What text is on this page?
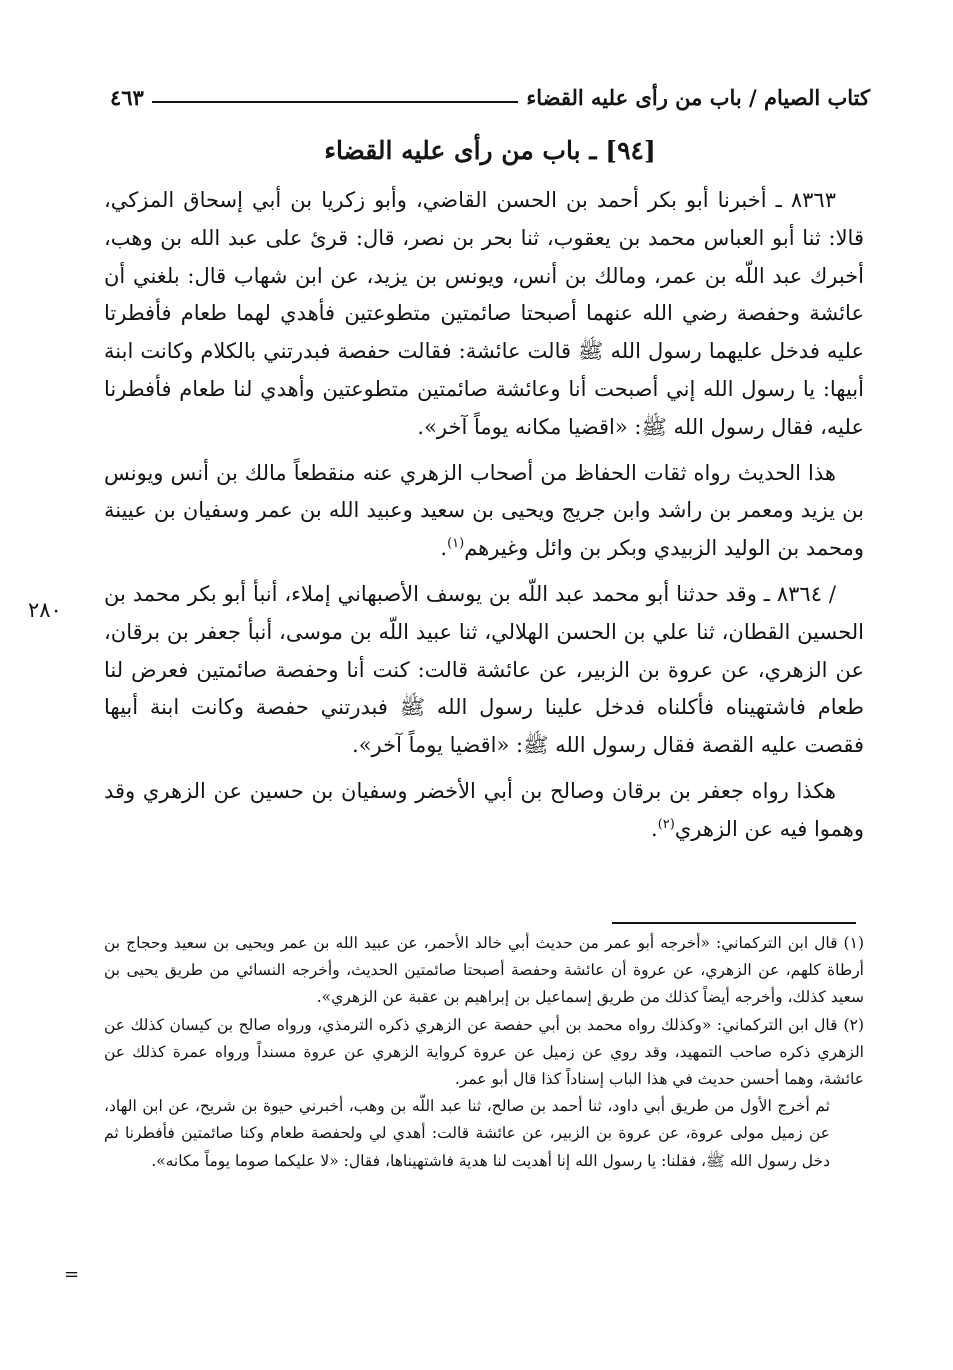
كتاب الصيام / باب من رأى عليه القضاء
٤٦٣
[٩٤] ـ باب من رأى عليه القضاء

٨٣٦٣ ـ أخبرنا أبو بكر أحمد بن الحسن القاضي، وأبو زكريا بن أبي إسحاق المزكي، قالا: ثنا أبو العباس محمد بن يعقوب، ثنا بحر بن نصر، قال: قرئ على عبد الله بن وهب، أخبرك عبد اللّه بن عمر، ومالك بن أنس، ويونس بن يزيد، عن ابن شهاب قال: بلغني أن عائشة وحفصة رضي الله عنهما أصبحتا صائمتين متطوعتين فأهدي لهما طعام فأفطرتا عليه فدخل عليهما رسول الله ﷺ قالت عائشة: فقالت حفصة فبدرتني بالكلام وكانت ابنة أبيها: يا رسول الله إني أصبحت أنا وعائشة صائمتين متطوعتين وأهدي لنا طعام فأفطرنا عليه، فقال رسول الله ﷺ: «اقضيا مكانه يوماً آخر».

هذا الحديث رواه ثقات الحفاظ من أصحاب الزهري عنه منقطعاً مالك بن أنس ويونس بن يزيد ومعمر بن راشد وابن جريج ويحيى بن سعيد وعبيد الله بن عمر وسفيان بن عيينة ومحمد بن الوليد الزبيدي وبكر بن وائل وغيرهم$^{(١)}$.

/ ٨٣٦٤ ـ وقد حدثنا أبو محمد عبد اللّه بن يوسف الأصبهاني إملاء، أنبأ أبو بكر محمد بن الحسين القطان، ثنا علي بن الحسن الهلالي، ثنا عبيد اللّه بن موسى، أنبأ جعفر بن برقان، عن الزهري، عن عروة بن الزبير، عن عائشة قالت: كنت أنا وحفصة صائمتين فعرض لنا طعام فاشتهيناه فأكلناه فدخل علينا رسول الله ﷺ فبدرتني حفصة وكانت ابنة أبيها فقصت عليه القصة فقال رسول الله ﷺ: «اقضيا يوماً آخر».

هكذا رواه جعفر بن برقان وصالح بن أبي الأخضر وسفيان بن حسين عن الزهري وقد وهموا فيه عن الزهري$^{(٢)}$.

٢٨٠

(١)قال ابن التركماني: «أخرجه أبو عمر من حديث أبي خالد الأحمر، عن عبيد الله بن عمر ويحيى بن سعيد وحجاج بن أرطاة كلهم، عن الزهري، عن عروة أن عائشة وحفصة أصبحتا صائمتين الحديث، وأخرجه النسائي من طريق يحيى بن سعيد كذلك، وأخرجه أيضاً كذلك من طريق إسماعيل بن إبراهيم بن عقبة عن الزهري».

(٢)قال ابن التركماني: «وكذلك رواه محمد بن أبي حفصة عن الزهري ذكره الترمذي، ورواه صالح بن كيسان كذلك عن الزهري ذكره صاحب التمهيد، وقد روي عن زميل عن عروة كرواية الزهري عن عروة مسنداً ورواه عمرة كذلك عن عائشة، وهما أحسن حديث في هذا الباب إسناداً كذا قال أبو عمر.

ثم أخرج الأول من طريق أبي داود، ثنا أحمد بن صالح، ثنا عبد اللّه بن وهب، أخبرني حيوة بن شريح، عن ابن الهاد، عن زميل مولى عروة، عن عروة بن الزبير، عن عائشة قالت: أهدي لي ولحفصة طعام وكنا صائمتين فأفطرنا ثم دخل رسول الله ﷺ، فقلنا: يا رسول الله إنا أهديت لنا هدية فاشتهيناها، فقال: «لا عليكما صوما يوماً مكانه».

=
